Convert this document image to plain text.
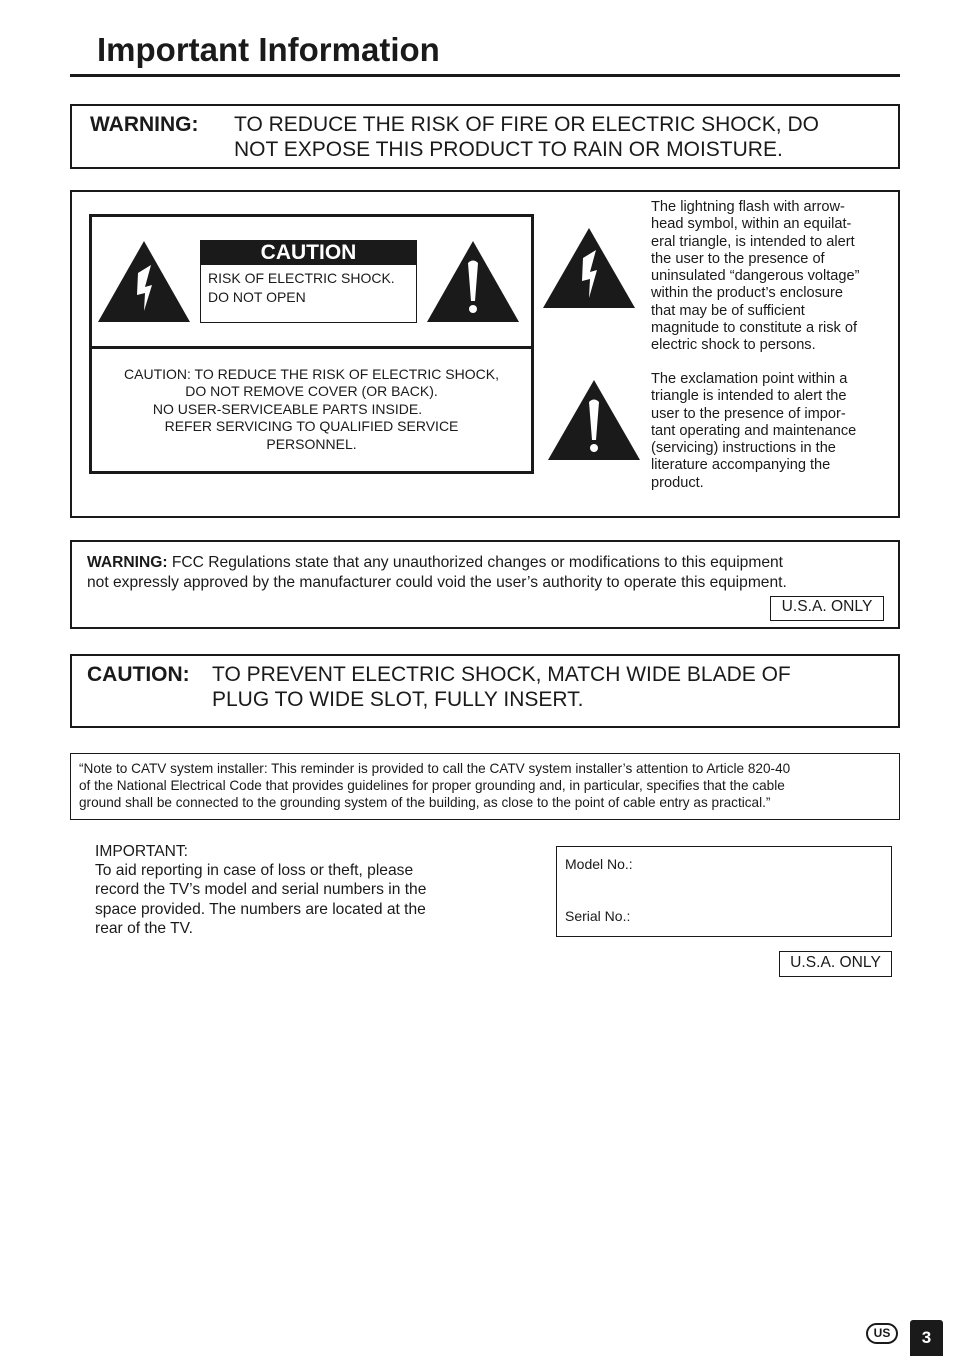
Important Information
WARNING: TO REDUCE THE RISK OF FIRE OR ELECTRIC SHOCK, DO
NOT EXPOSE THIS PRODUCT TO RAIN OR MOISTURE.
CAUTION
RISK OF ELECTRIC SHOCK.
DO NOT OPEN
CAUTION: TO REDUCE THE RISK OF ELECTRIC SHOCK,
DO NOT REMOVE COVER (OR BACK).
NO USER-SERVICEABLE PARTS INSIDE.
REFER SERVICING TO QUALIFIED SERVICE
PERSONNEL.
The lightning flash with arrow-
head symbol, within an equilat-
eral triangle, is intended to alert
the user to the presence of
uninsulated “dangerous voltage”
within the product’s enclosure
that may be of sufficient
magnitude to constitute a risk of
electric shock to persons.
The exclamation point within a
triangle is intended to alert the
user to the presence of impor-
tant operating and maintenance
(servicing) instructions in the
literature accompanying the
product.
WARNING: FCC Regulations state that any unauthorized changes or modifications to this equipment
not expressly approved by the manufacturer could void the user’s authority to operate this equipment.
U.S.A. ONLY
CAUTION: TO PREVENT ELECTRIC SHOCK, MATCH WIDE BLADE OF
PLUG TO WIDE SLOT, FULLY INSERT.
“Note to CATV system installer: This reminder is provided to call the CATV system installer’s attention to Article 820-40
of the National Electrical Code that provides guidelines for proper grounding and, in particular, specifies that the cable
ground shall be connected to the grounding system of the building, as close to the point of cable entry as practical.”
IMPORTANT:
To aid reporting in case of loss or theft, please
record the TV’s model and serial numbers in the
space provided. The numbers are located at the
rear of the TV.
Model No.:
Serial No.:
U.S.A. ONLY
US	3
